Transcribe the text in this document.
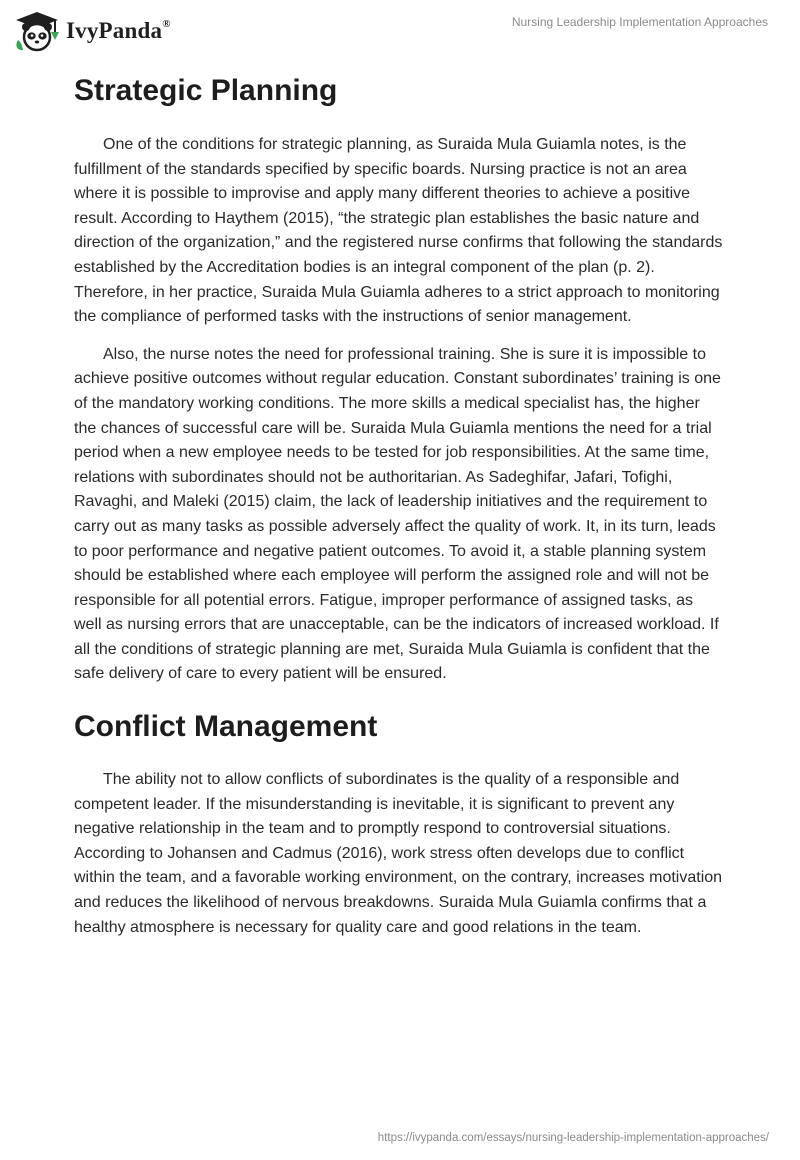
IvyPanda®	Nursing Leadership Implementation Approaches
Strategic Planning

One of the conditions for strategic planning, as Suraida Mula Guiamla notes, is the fulfillment of the standards specified by specific boards. Nursing practice is not an area where it is possible to improvise and apply many different theories to achieve a positive result. According to Haythem (2015), “the strategic plan establishes the basic nature and direction of the organization,” and the registered nurse confirms that following the standards established by the Accreditation bodies is an integral component of the plan (p. 2). Therefore, in her practice, Suraida Mula Guiamla adheres to a strict approach to monitoring the compliance of performed tasks with the instructions of senior management.

Also, the nurse notes the need for professional training. She is sure it is impossible to achieve positive outcomes without regular education. Constant subordinates’ training is one of the mandatory working conditions. The more skills a medical specialist has, the higher the chances of successful care will be. Suraida Mula Guiamla mentions the need for a trial period when a new employee needs to be tested for job responsibilities. At the same time, relations with subordinates should not be authoritarian. As Sadeghifar, Jafari, Tofighi, Ravaghi, and Maleki (2015) claim, the lack of leadership initiatives and the requirement to carry out as many tasks as possible adversely affect the quality of work. It, in its turn, leads to poor performance and negative patient outcomes. To avoid it, a stable planning system should be established where each employee will perform the assigned role and will not be responsible for all potential errors. Fatigue, improper performance of assigned tasks, as well as nursing errors that are unacceptable, can be the indicators of increased workload. If all the conditions of strategic planning are met, Suraida Mula Guiamla is confident that the safe delivery of care to every patient will be ensured.

Conflict Management

The ability not to allow conflicts of subordinates is the quality of a responsible and competent leader. If the misunderstanding is inevitable, it is significant to prevent any negative relationship in the team and to promptly respond to controversial situations. According to Johansen and Cadmus (2016), work stress often develops due to conflict within the team, and a favorable working environment, on the contrary, increases motivation and reduces the likelihood of nervous breakdowns. Suraida Mula Guiamla confirms that a healthy atmosphere is necessary for quality care and good relations in the team.

https://ivypanda.com/essays/nursing-leadership-implementation-approaches/
